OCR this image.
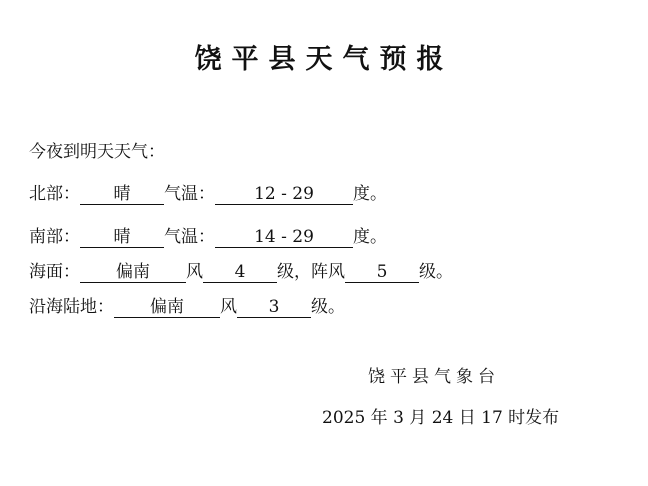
饶平县天气预报
今夜到明天天气：
北部： 晴 气温： 12 - 29 度。
南部： 晴 气温： 14 - 29 度。
海面： 偏南 风 4 级，阵风 5 级。
沿海陆地： 偏南 风 3 级。
饶平县气象台
2025 年 3 月 24 日 17 时发布
